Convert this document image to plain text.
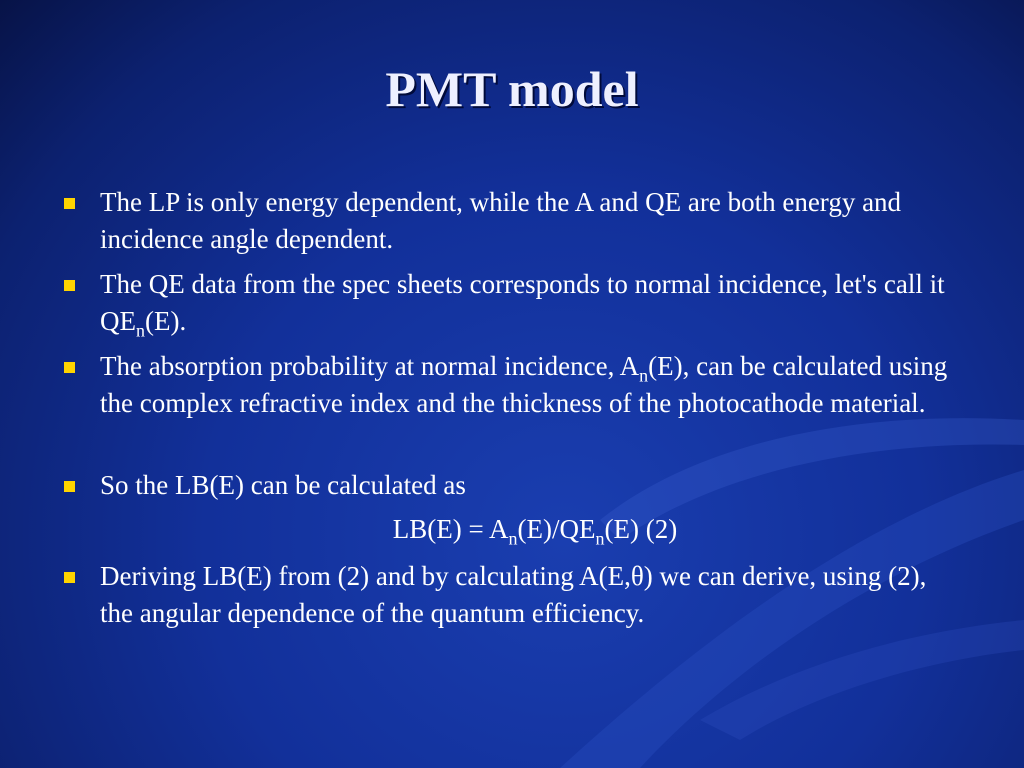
PMT model
The LP is only energy dependent, while the A and QE are both energy and incidence angle dependent.
The QE data from the spec sheets corresponds to normal incidence, let's call it $QE_n(E)$.
The absorption probability at normal incidence, $A_n(E)$, can be calculated using the complex refractive index and the thickness of the photocathode material.
So the LB(E) can be calculated as
$LB(E) = A_n(E)/QE_n(E)$ (2)
Deriving LB(E) from (2) and by calculating A(E,θ) we can derive, using (2), the angular dependence of the quantum efficiency.
